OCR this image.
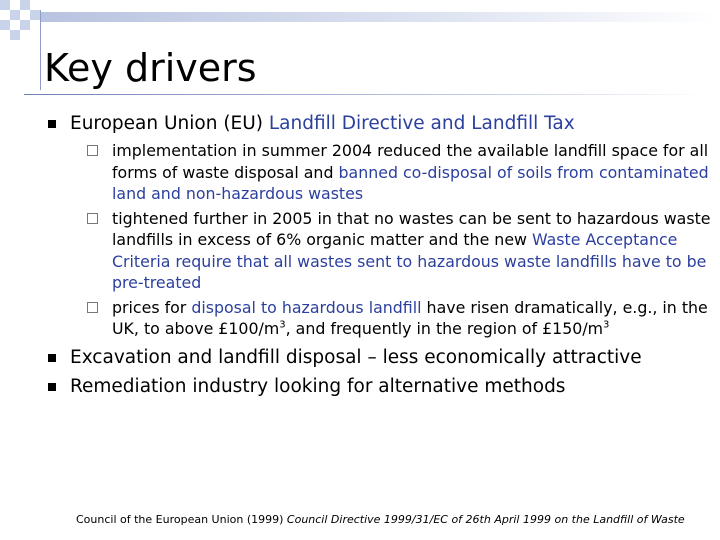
Key drivers
European Union (EU) Landfill Directive and Landfill Tax
implementation in summer 2004 reduced the available landfill space for all forms of waste disposal and banned co-disposal of soils from contaminated land and non-hazardous wastes
tightened further in 2005 in that no wastes can be sent to hazardous waste landfills in excess of 6% organic matter and the new Waste Acceptance Criteria require that all wastes sent to hazardous waste landfills have to be pre-treated
prices for disposal to hazardous landfill have risen dramatically, e.g., in the UK, to above $£100/m^3$, and frequently in the region of $£150/m^3$
Excavation and landfill disposal – less economically attractive
Remediation industry looking for alternative methods
Council of the European Union (1999) Council Directive 1999/31/EC of 26th April 1999 on the Landfill of Waste
